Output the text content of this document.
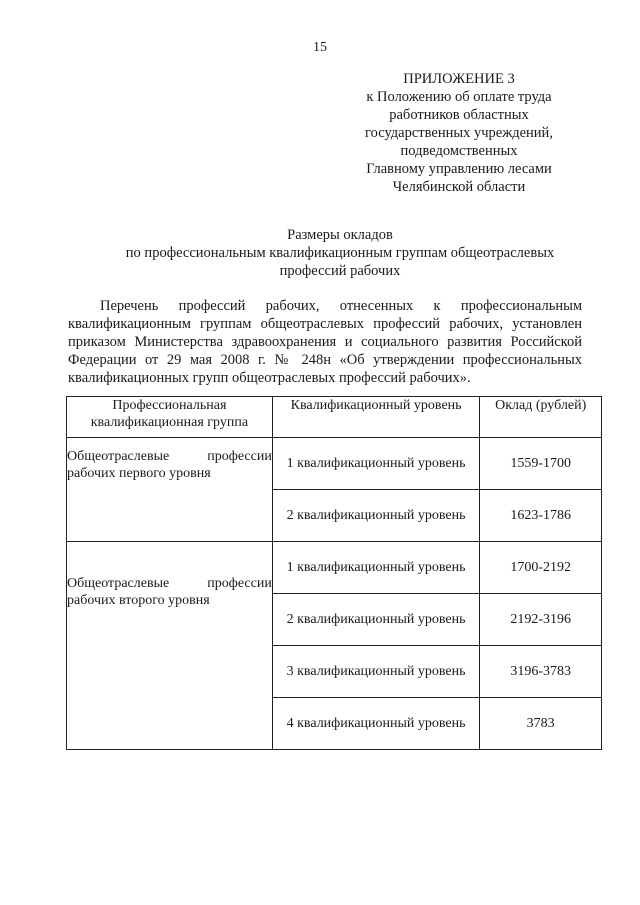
15
ПРИЛОЖЕНИЕ 3
к Положению об оплате труда
работников областных
государственных учреждений,
подведомственных
Главному управлению лесами
Челябинской области
Размеры окладов
по профессиональным квалификационным группам общеотраслевых
профессий рабочих
Перечень профессий рабочих, отнесенных к профессиональным
квалификационным группам общеотраслевых профессий рабочих, установлен
приказом Министерства здравоохранения и социального развития Российской
Федерации от 29 мая 2008 г. № 248н «Об утверждении профессиональных
квалификационных групп общеотраслевых профессий рабочих».
Профессиональная
квалификационная группа	Квалификационный уровень	Оклад (рублей)

Общеотраслевые профессии
рабочих первого уровня	1 квалификационный уровень	1559-1700
	2 квалификационный уровень	1623-1786

Общеотраслевые профессии
рабочих второго уровня	1 квалификационный уровень	1700-2192
	2 квалификационный уровень	2192-3196
	3 квалификационный уровень	3196-3783
	4 квалификационный уровень	3783
